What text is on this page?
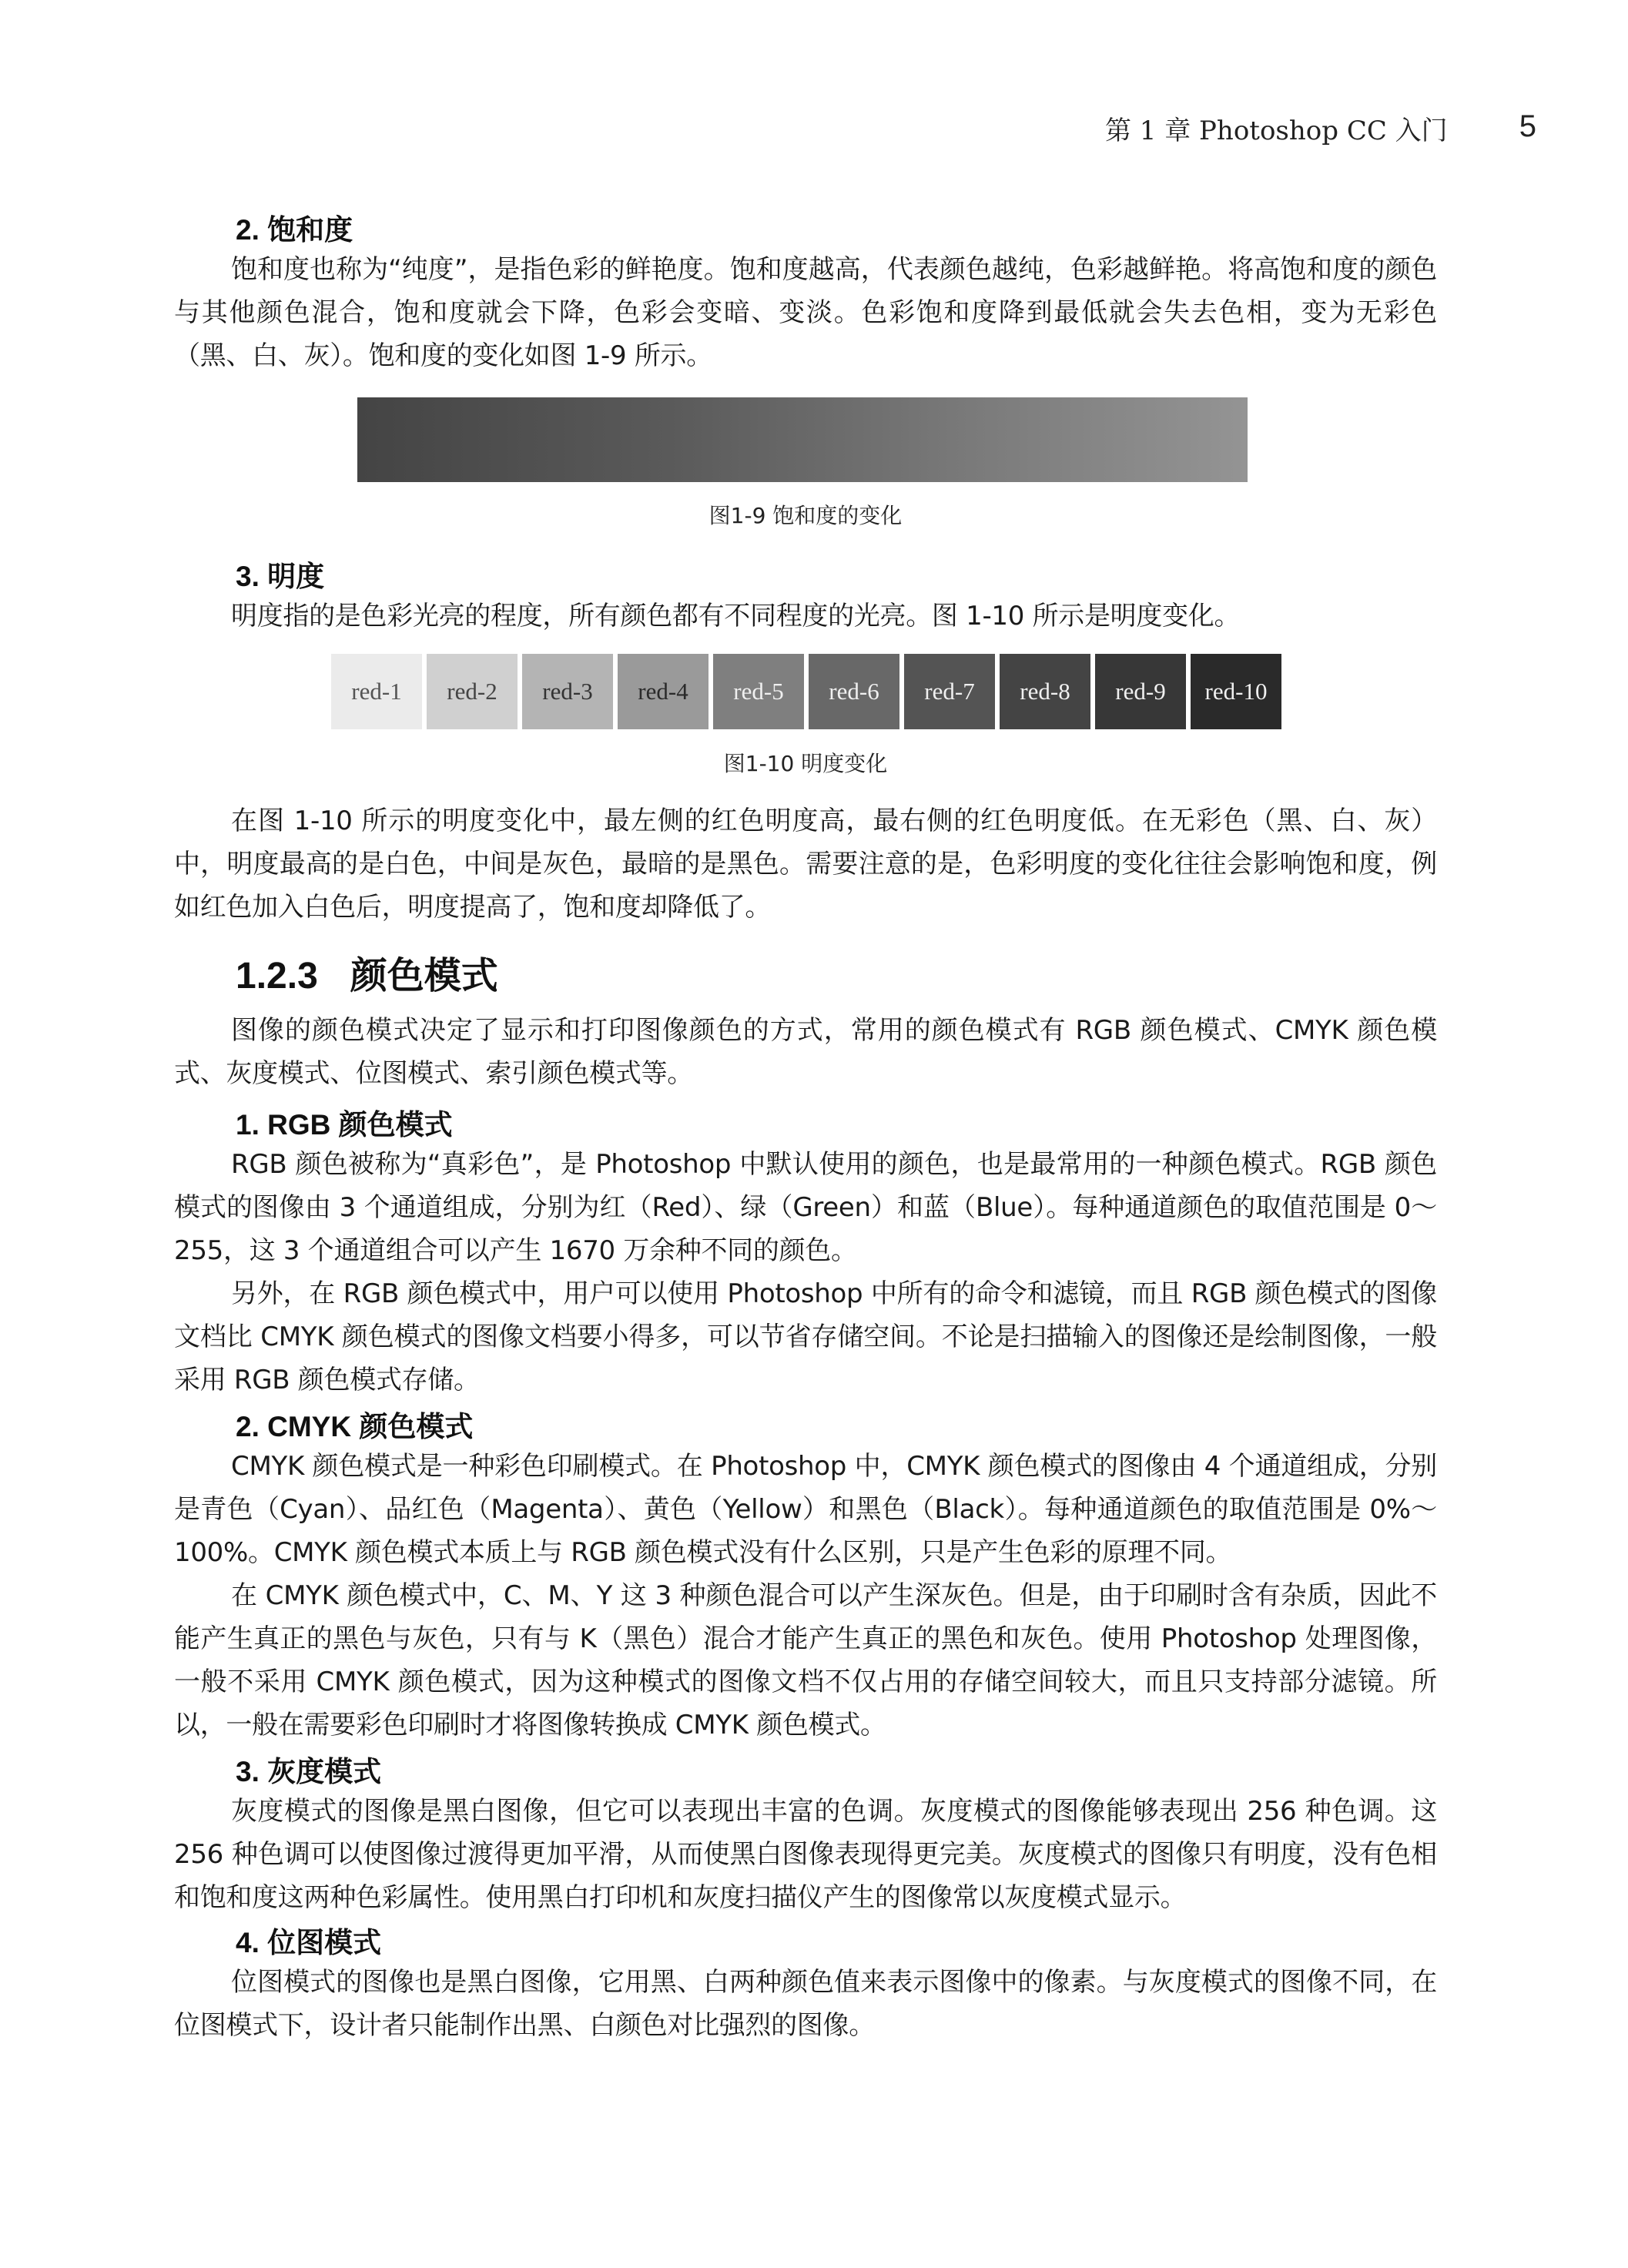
第 1 章 Photoshop CC 入门 5
2. 饱和度

饱和度也称为“纯度”，是指色彩的鲜艳度。饱和度越高，代表颜色越纯，色彩越鲜艳。将高饱和度的颜色与其他颜色混合，饱和度就会下降，色彩会变暗、变淡。色彩饱和度降到最低就会失去色相，变为无彩色（黑、白、灰）。饱和度的变化如图 1-9 所示。

图1-9 饱和度的变化

3. 明度

明度指的是色彩光亮的程度，所有颜色都有不同程度的光亮。图 1-10 所示是明度变化。

red-1 red-2 red-3 red-4 red-5 red-6 red-7 red-8 red-9 red-10

图1-10 明度变化

在图 1-10 所示的明度变化中，最左侧的红色明度高，最右侧的红色明度低。在无彩色（黑、白、灰）中，明度最高的是白色，中间是灰色，最暗的是黑色。需要注意的是，色彩明度的变化往往会影响饱和度，例如红色加入白色后，明度提高了，饱和度却降低了。

1.2.3 颜色模式

图像的颜色模式决定了显示和打印图像颜色的方式，常用的颜色模式有 RGB 颜色模式、CMYK 颜色模式、灰度模式、位图模式、索引颜色模式等。

1. RGB 颜色模式

RGB 颜色被称为“真彩色”，是 Photoshop 中默认使用的颜色，也是最常用的一种颜色模式。RGB 颜色模式的图像由 3 个通道组成，分别为红（Red）、绿（Green）和蓝（Blue）。每种通道颜色的取值范围是 0～255，这 3 个通道组合可以产生 1670 万余种不同的颜色。

另外，在 RGB 颜色模式中，用户可以使用 Photoshop 中所有的命令和滤镜，而且 RGB 颜色模式的图像文档比 CMYK 颜色模式的图像文档要小得多，可以节省存储空间。不论是扫描输入的图像还是绘制图像，一般采用 RGB 颜色模式存储。

2. CMYK 颜色模式

CMYK 颜色模式是一种彩色印刷模式。在 Photoshop 中，CMYK 颜色模式的图像由 4 个通道组成，分别是青色（Cyan）、品红色（Magenta）、黄色（Yellow）和黑色（Black）。每种通道颜色的取值范围是 0%～100%。CMYK 颜色模式本质上与 RGB 颜色模式没有什么区别，只是产生色彩的原理不同。

在 CMYK 颜色模式中，C、M、Y 这 3 种颜色混合可以产生深灰色。但是，由于印刷时含有杂质，因此不能产生真正的黑色与灰色，只有与 K（黑色）混合才能产生真正的黑色和灰色。使用 Photoshop 处理图像，一般不采用 CMYK 颜色模式，因为这种模式的图像文档不仅占用的存储空间较大，而且只支持部分滤镜。所以，一般在需要彩色印刷时才将图像转换成 CMYK 颜色模式。

3. 灰度模式

灰度模式的图像是黑白图像，但它可以表现出丰富的色调。灰度模式的图像能够表现出 256 种色调。这 256 种色调可以使图像过渡得更加平滑，从而使黑白图像表现得更完美。灰度模式的图像只有明度，没有色相和饱和度这两种色彩属性。使用黑白打印机和灰度扫描仪产生的图像常以灰度模式显示。

4. 位图模式

位图模式的图像也是黑白图像，它用黑、白两种颜色值来表示图像中的像素。与灰度模式的图像不同，在位图模式下，设计者只能制作出黑、白颜色对比强烈的图像。
